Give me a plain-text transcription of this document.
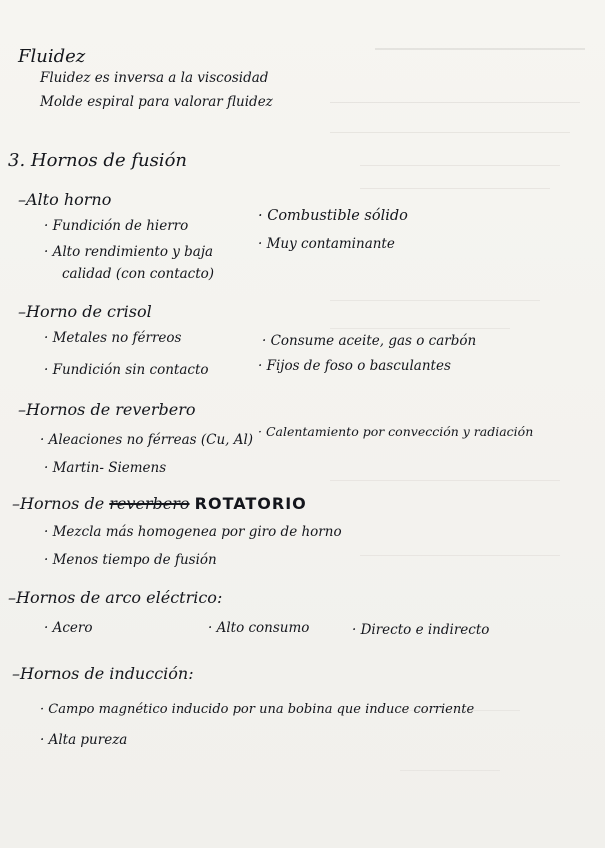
Fluidez
Fluidez es inversa a la viscosidad
Molde espiral para valorar fluidez
3. Hornos de fusión
–Alto horno
· Fundición de hierro
· Alto rendimiento y baja
calidad (con contacto)
· Combustible sólido
· Muy contaminante
–Horno de crisol
· Metales no férreos
· Fundición sin contacto
· Consume aceite, gas o carbón
· Fijos de foso o basculantes
–Hornos de reverbero
· Aleaciones no férreas (Cu, Al)
· Martin- Siemens
· Calentamiento por convección y radiación
–Hornos de reverbero ROTATORIO
· Mezcla más homogenea por giro de horno
· Menos tiempo de fusión
–Hornos de arco eléctrico:
· Acero	· Alto consumo	· Directo e indirecto
–Hornos de inducción:
· Campo magnético inducido por una bobina que induce corriente
· Alta pureza
